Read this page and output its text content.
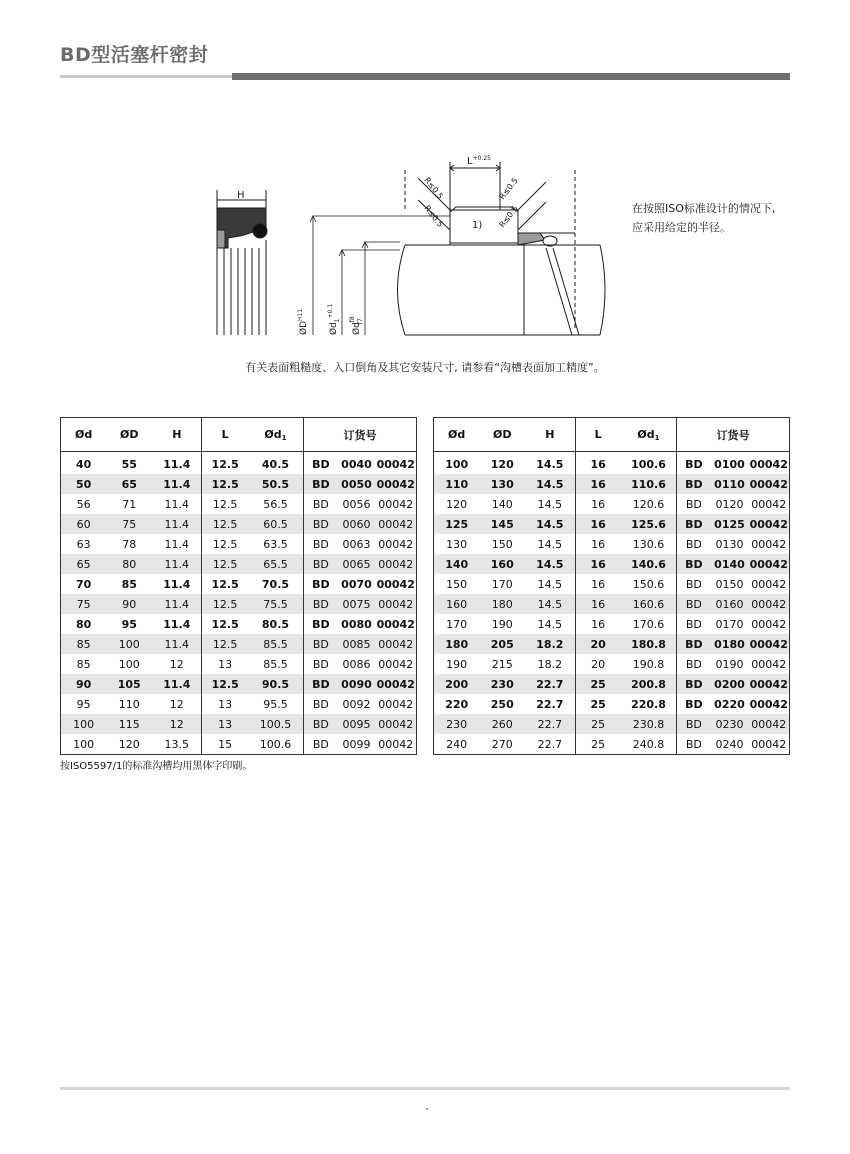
BD型活塞杆密封
H
$ØD^{H11}$
$Ød_1^{+0.1}$
$Ød^{f8}f7$
$L^{+0.25}$
R≤0.5
R≤0.5
R≤0.5
R≤0.5
1)
在按照ISO标准设计的情况下,
应采用给定的半径。
有关表面粗糙度、入口倒角及其它安装尺寸, 请参看“沟槽表面加工精度”。
Ød	ØD	H	L	$Ød_1$	订货号		
40	55	11.4	12.5	40.5	BD	0040	00042
50	65	11.4	12.5	50.5	BD	0050	00042
56	71	11.4	12.5	56.5	BD	0056	00042
60	75	11.4	12.5	60.5	BD	0060	00042
63	78	11.4	12.5	63.5	BD	0063	00042
65	80	11.4	12.5	65.5	BD	0065	00042
70	85	11.4	12.5	70.5	BD	0070	00042
75	90	11.4	12.5	75.5	BD	0075	00042
80	95	11.4	12.5	80.5	BD	0080	00042
85	100	11.4	12.5	85.5	BD	0085	00042
85	100	12	13	85.5	BD	0086	00042
90	105	11.4	12.5	90.5	BD	0090	00042
95	110	12	13	95.5	BD	0092	00042
100	115	12	13	100.5	BD	0095	00042
100	120	13.5	15	100.6	BD	0099	00042
Ød	ØD	H	L	$Ød_1$	订货号		
100	120	14.5	16	100.6	BD	0100	00042
110	130	14.5	16	110.6	BD	0110	00042
120	140	14.5	16	120.6	BD	0120	00042
125	145	14.5	16	125.6	BD	0125	00042
130	150	14.5	16	130.6	BD	0130	00042
140	160	14.5	16	140.6	BD	0140	00042
150	170	14.5	16	150.6	BD	0150	00042
160	180	14.5	16	160.6	BD	0160	00042
170	190	14.5	16	170.6	BD	0170	00042
180	205	18.2	20	180.8	BD	0180	00042
190	215	18.2	20	190.8	BD	0190	00042
200	230	22.7	25	200.8	BD	0200	00042
220	250	22.7	25	220.8	BD	0220	00042
230	260	22.7	25	230.8	BD	0230	00042
240	270	22.7	25	240.8	BD	0240	00042
按ISO5597/1的标准沟槽均用黑体字印刷。
